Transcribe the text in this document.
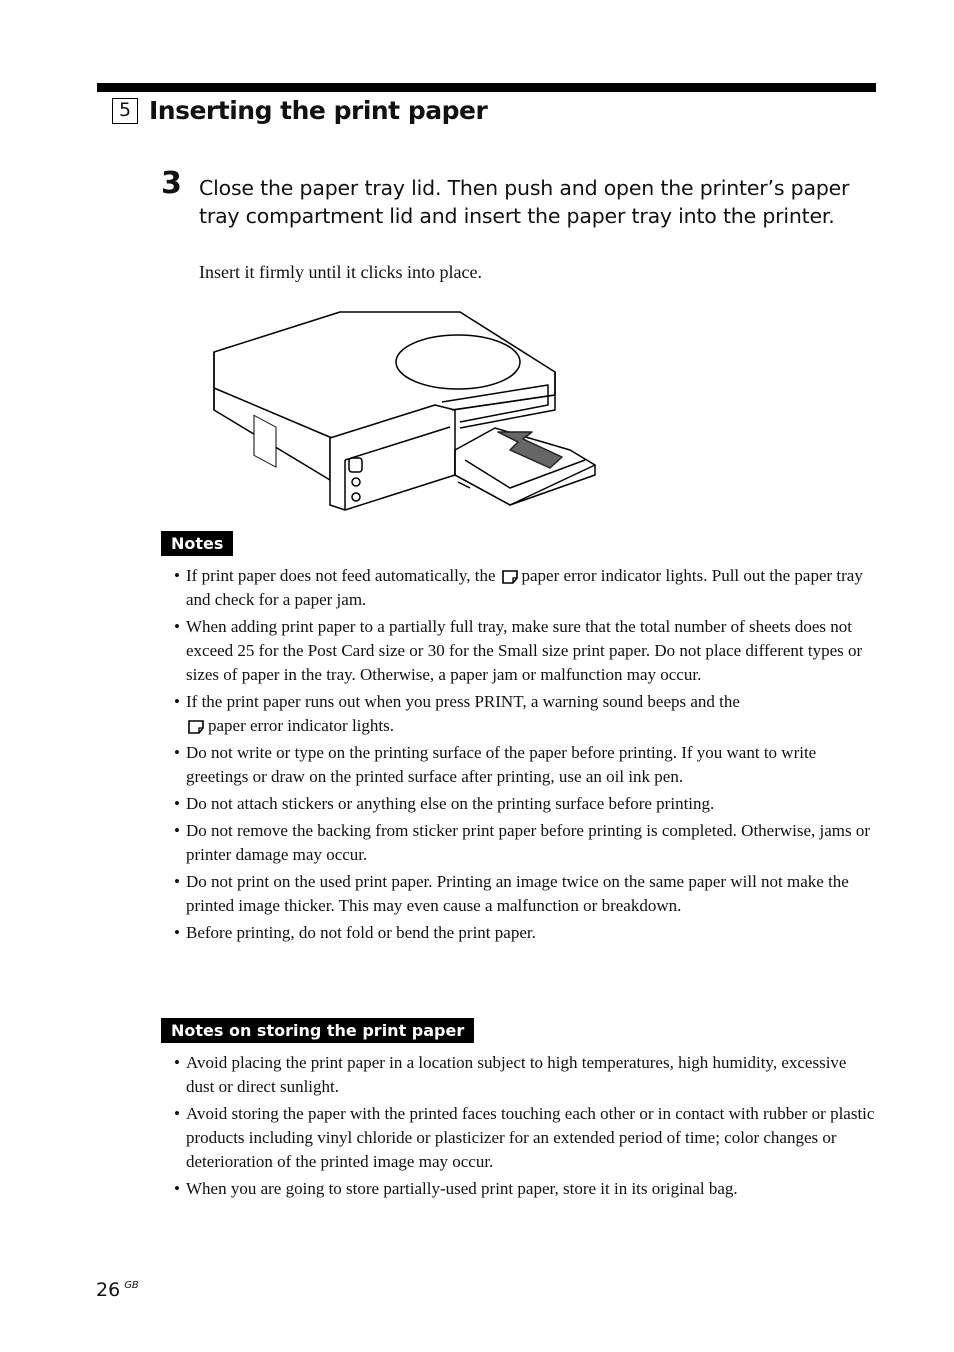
5 Inserting the print paper
3 Close the paper tray lid. Then push and open the printer’s paper tray compartment lid and insert the paper tray into the printer.
Insert it firmly until it clicks into place.
Notes
• If print paper does not feed automatically, the paper error indicator lights. Pull out the paper tray and check for a paper jam.
• When adding print paper to a partially full tray, make sure that the total number of sheets does not exceed 25 for the Post Card size or 30 for the Small size print paper. Do not place different types or sizes of paper in the tray. Otherwise, a paper jam or malfunction may occur.
• If the print paper runs out when you press PRINT, a warning sound beeps and the
paper error indicator lights.
• Do not write or type on the printing surface of the paper before printing. If you want to write greetings or draw on the printed surface after printing, use an oil ink pen.
• Do not attach stickers or anything else on the printing surface before printing.
• Do not remove the backing from sticker print paper before printing is completed. Otherwise, jams or printer damage may occur.
• Do not print on the used print paper. Printing an image twice on the same paper will not make the printed image thicker. This may even cause a malfunction or breakdown.
• Before printing, do not fold or bend the print paper.
Notes on storing the print paper
• Avoid placing the print paper in a location subject to high temperatures, high humidity, excessive dust or direct sunlight.
• Avoid storing the paper with the printed faces touching each other or in contact with rubber or plastic products including vinyl chloride or plasticizer for an extended period of time; color changes or deterioration of the printed image may occur.
• When you are going to store partially-used print paper, store it in its original bag.
26 $^{GB}$
